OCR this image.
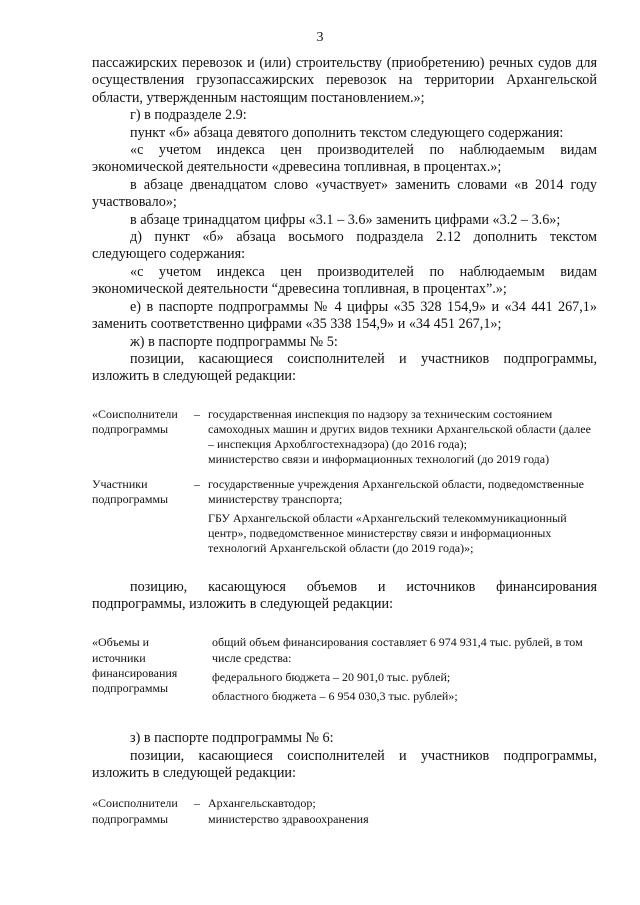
3

пассажирских перевозок и (или) строительству (приобретению) речных судов для осуществления грузопассажирских перевозок на территории Архангельской области, утвержденным настоящим постановлением.»;

г) в подразделе 2.9:

пункт «б» абзаца девятого дополнить текстом следующего содержания:

«с учетом индекса цен производителей по наблюдаемым видам экономической деятельности «древесина топливная, в процентах.»;

в абзаце двенадцатом слово «участвует» заменить словами «в 2014 году участвовало»;

в абзаце тринадцатом цифры «3.1 – 3.6» заменить цифрами «3.2 – 3.6»;

д) пункт «б» абзаца восьмого подраздела 2.12 дополнить текстом следующего содержания:

«с учетом индекса цен производителей по наблюдаемым видам экономической деятельности “древесина топливная, в процентах”.»;

е) в паспорте подпрограммы № 4 цифры «35 328 154,9» и «34 441 267,1» заменить соответственно цифрами «35 338 154,9» и «34 451 267,1»;

ж) в паспорте подпрограммы № 5:

позиции, касающиеся соисполнителей и участников подпрограммы, изложить в следующей редакции:

«Соисполнители подпрограммы
– государственная инспекция по надзору за техническим состоянием самоходных машин и других видов техники Архангельской области (далее – инспекция Архоблгостехнадзора) (до 2016 года);
министерство связи и информационных технологий (до 2019 года)
Участники подпрограммы
– государственные учреждения Архангельской области, подведомственные министерству транспорта;
ГБУ Архангельской области «Архангельский телекоммуникационный центр», подведомственное министерству связи и информационных технологий Архангельской области (до 2019 года)»;

позицию, касающуюся объемов и источников финансирования подпрограммы, изложить в следующей редакции:

«Объемы и источники финансирования подпрограммы
общий объем финансирования составляет 6 974 931,4 тыс. рублей, в том числе средства:
федерального бюджета – 20 901,0 тыс. рублей;
областного бюджета – 6 954 030,3 тыс. рублей»;

з) в паспорте подпрограммы № 6:

позиции, касающиеся соисполнителей и участников подпрограммы, изложить в следующей редакции:

«Соисполнители подпрограммы
– Архангельскавтодор;
министерство здравоохранения
